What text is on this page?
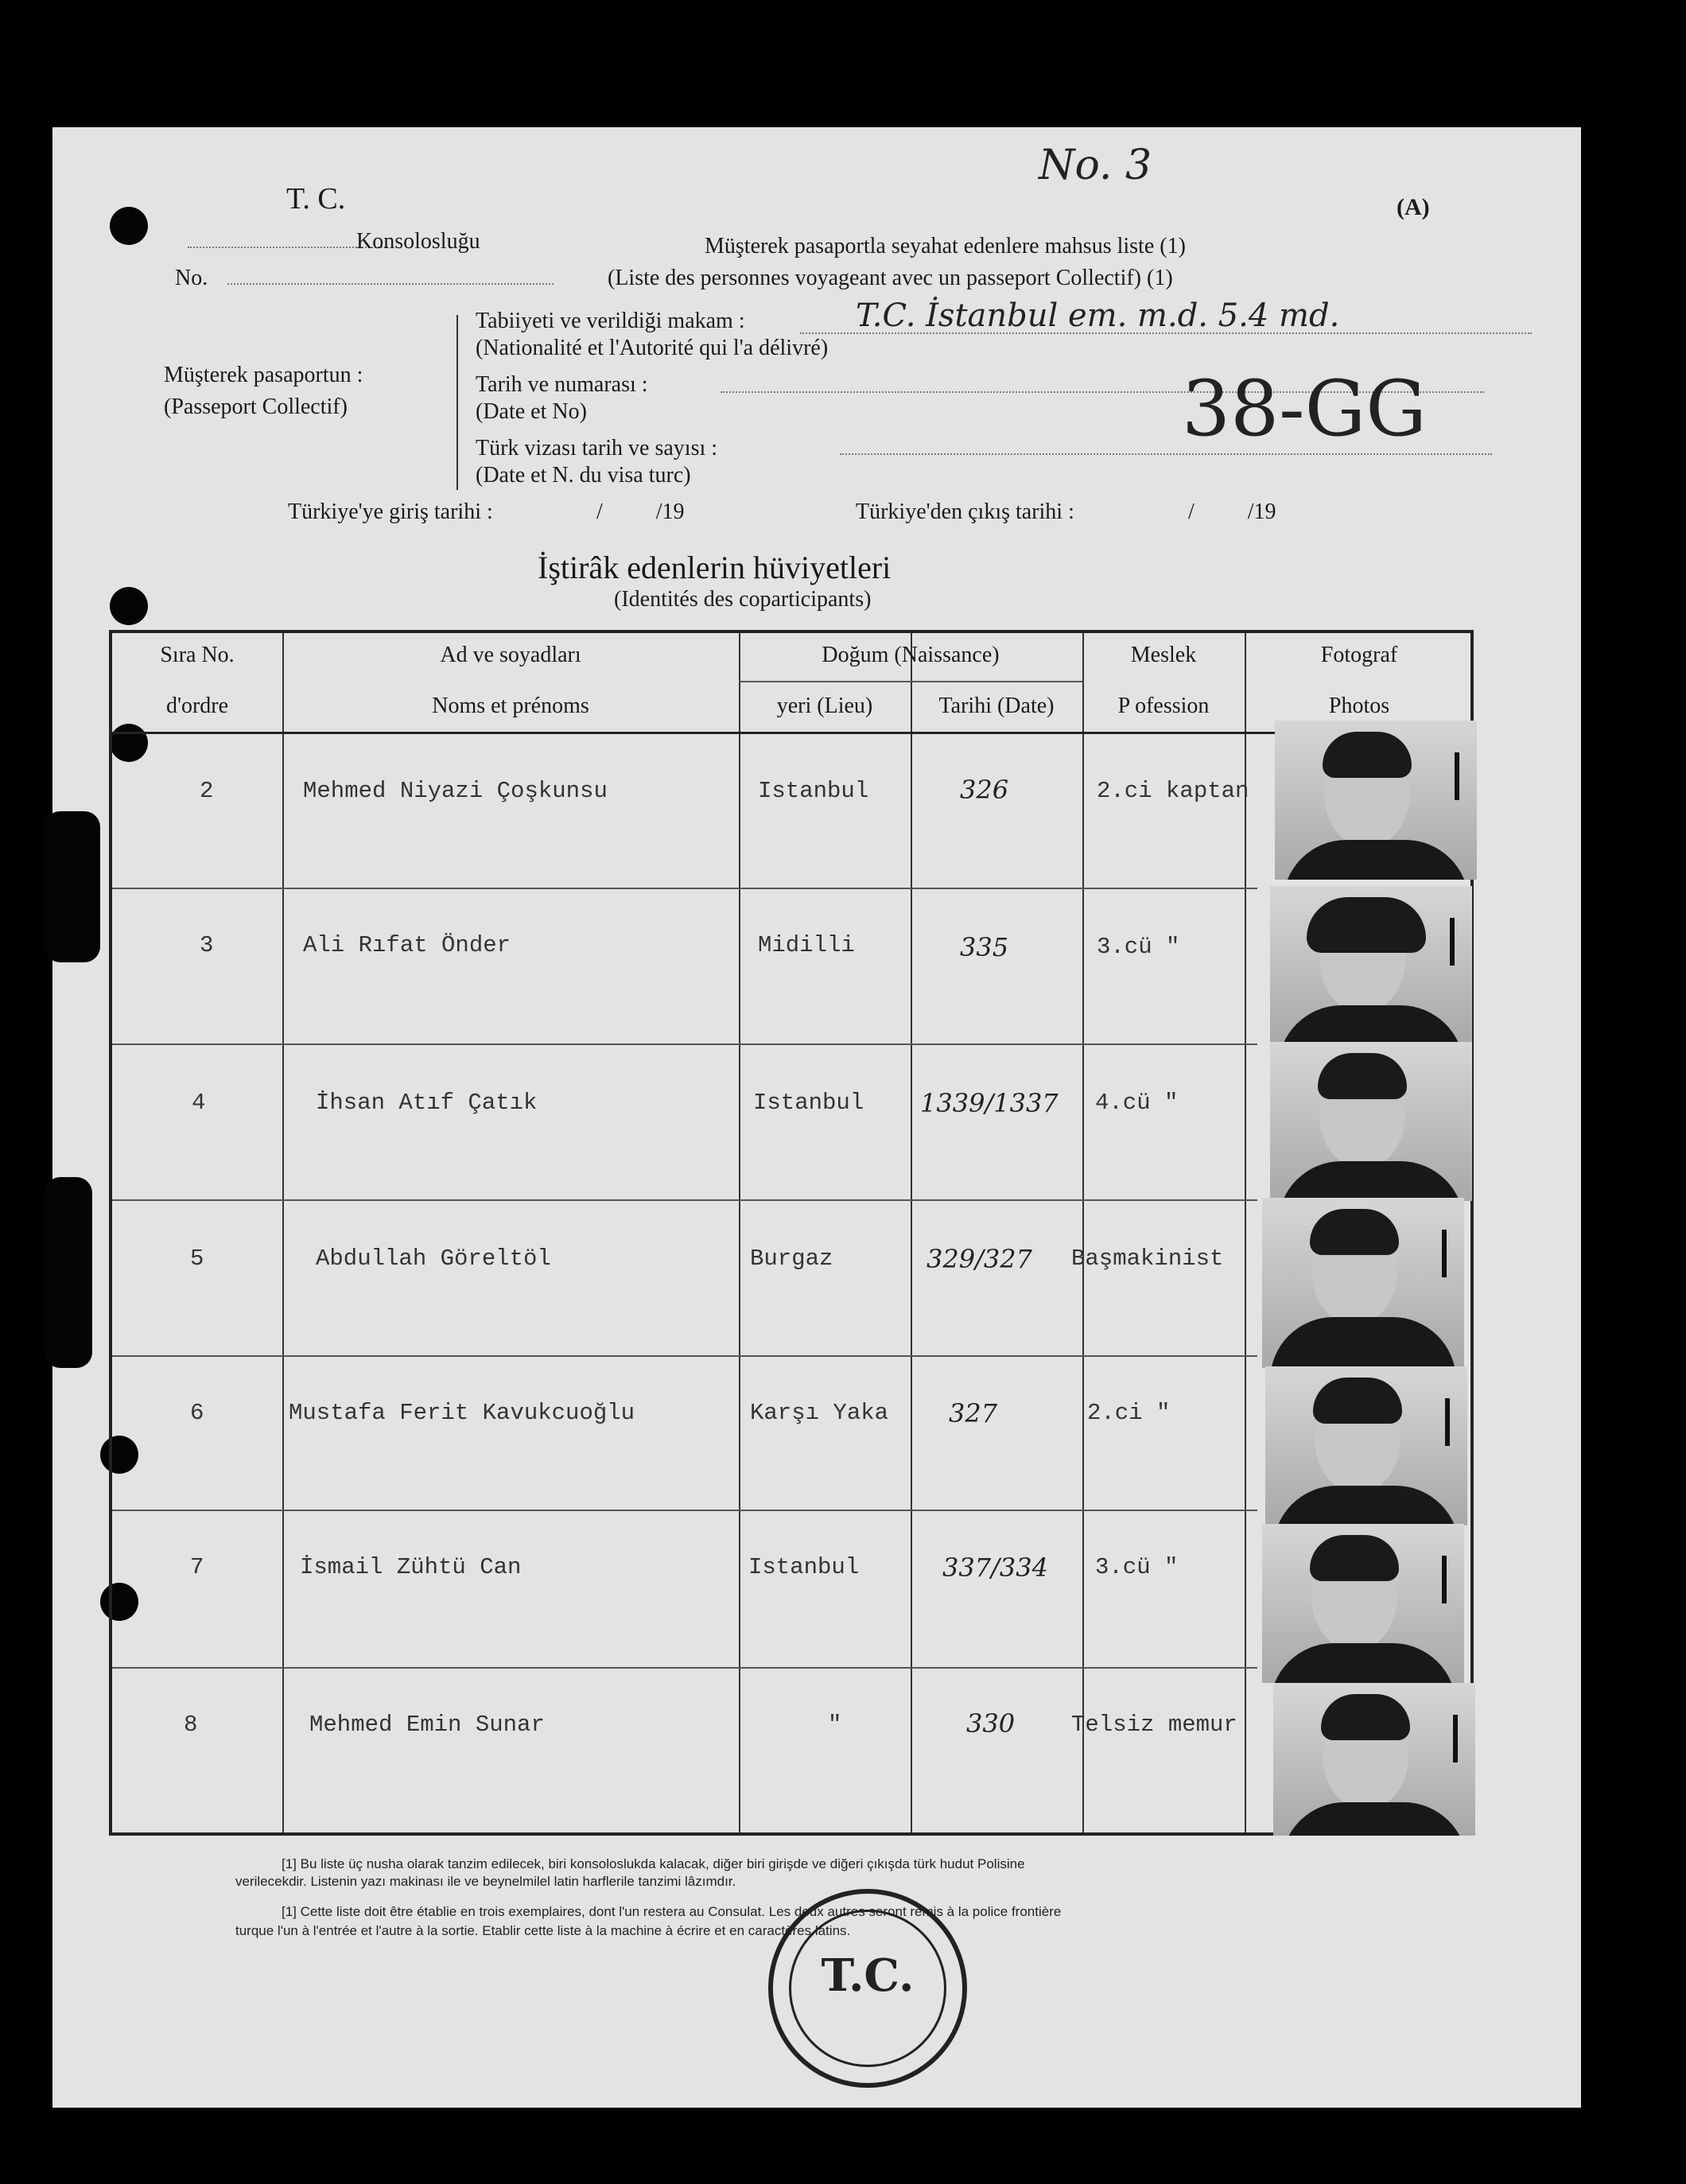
No. 3
T. C.	(A)
Konsolosluğu	Müşterek pasaportla seyahat edenlere mahsus liste (1)
No.	(Liste des personnes voyageant avec un passeport Collectif) (1)
Müşterek pasaportun :
(Passeport Collectif)
Tabiiyeti ve verildiği makam :	T.C. İstanbul em. m.d. 5.4 md.
(Nationalité et l'Autorité qui l'a délivré)
Tarih ve numarası :
(Date et No)	38-GG
Türk vizası tarih ve sayısı :
(Date et N. du visa turc)
Türkiye'ye giriş tarihi :	/ /19	Türkiye'den çıkış tarihi :	/ /19
İştirâk edenlerin hüviyetleri
(Identités des coparticipants)
Sıra No.
d'ordre
Ad ve soyadları
Noms et prénoms
Doğum (Naissance)
yeri (Lieu)	Tarihi (Date)
Meslek
P ofession
Fotograf
Photos
2	Mehmed Niyazi Çoşkunsu	Istanbul	326	2.ci kaptan
3	Ali Rıfat Önder	Midilli	335	3.cü "
4	İhsan Atıf Çatık	Istanbul 1339/1337 4.cü "
5	Abdullah Göreltöl	Burgaz	329/327 Başmakinist
6	Mustafa Ferit Kavukcuoğlu	Karşı Yaka 327	2.ci "
7	İsmail Zühtü Can	Istanbul	337/334 3.cü "
8	Mehmed Emin Sunar	"	330 Telsiz memur
[1] Bu liste üç nusha olarak tanzim edilecek, biri konsoloslukda kalacak, diğer biri girişde ve diğeri çıkışda türk hudut Polisine
verilecekdir. Listenin yazı makinası ile ve beynelmilel latin harflerile tanzimi lâzımdır.
[1] Cette liste doit être établie en trois exemplaires, dont l'un restera au Consulat. Les deux autres seront remis à la police frontière
turque l'un à l'entrée et l'autre à la sortie. Etablir cette liste à la machine à écrire et en caractères latins.
T.C.
